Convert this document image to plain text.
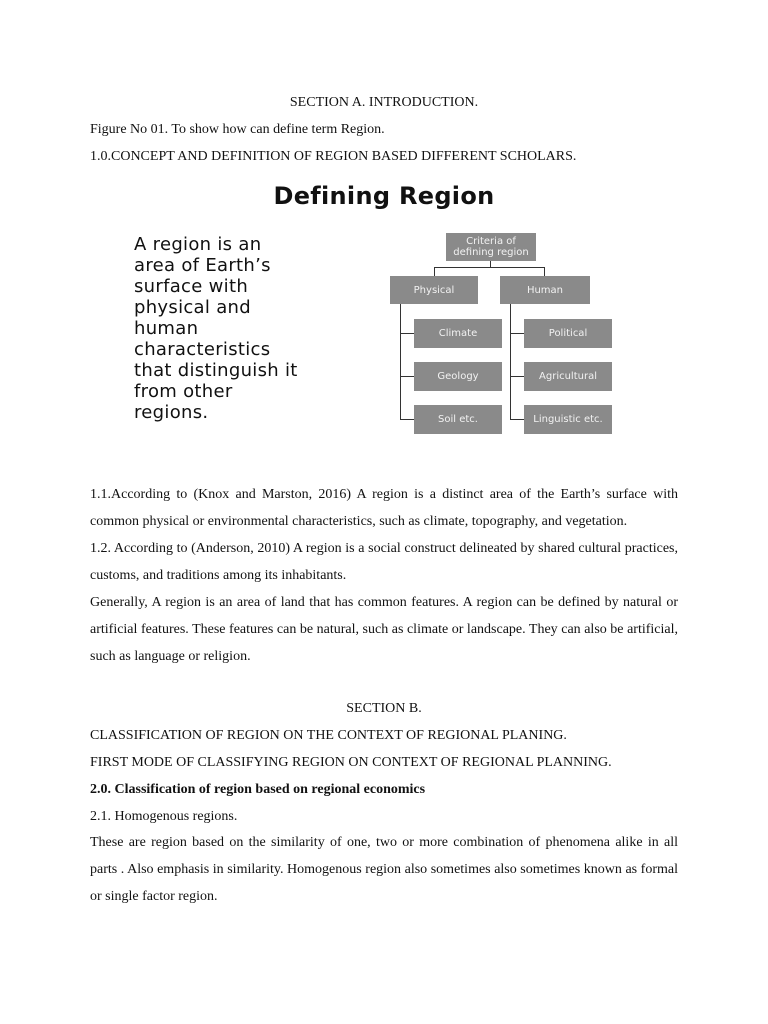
SECTION A. INTRODUCTION.
Figure No 01. To show how can define term Region.
1.0.CONCEPT AND DEFINITION OF REGION BASED DIFFERENT SCHOLARS.
Defining Region
A region is an
area of Earth’s
surface with
physical and
human
characteristics
that distinguish it
from other
regions.
Criteria of
defining region
Physical	Human
Climate
Geology
Soil etc.
Political
Agricultural
Linguistic etc.
1.1.According to (Knox and Marston, 2016) A region is a distinct area of the Earth’s surface with common physical or environmental characteristics, such as climate, topography, and vegetation.
1.2. According to (Anderson, 2010) A region is a social construct delineated by shared cultural practices, customs, and traditions among its inhabitants.
Generally, A region is an area of land that has common features. A region can be defined by natural or artificial features. These features can be natural, such as climate or landscape. They can also be artificial, such as language or religion.
SECTION B.
CLASSIFICATION OF REGION ON THE CONTEXT OF REGIONAL PLANING.
FIRST MODE OF CLASSIFYING REGION ON CONTEXT OF REGIONAL PLANNING.
2.0. Classification of region based on regional economics
2.1. Homogenous regions.
These are region based on the similarity of one, two or more combination of phenomena alike in all parts . Also emphasis in similarity. Homogenous region also sometimes also sometimes known as formal or single factor region.
